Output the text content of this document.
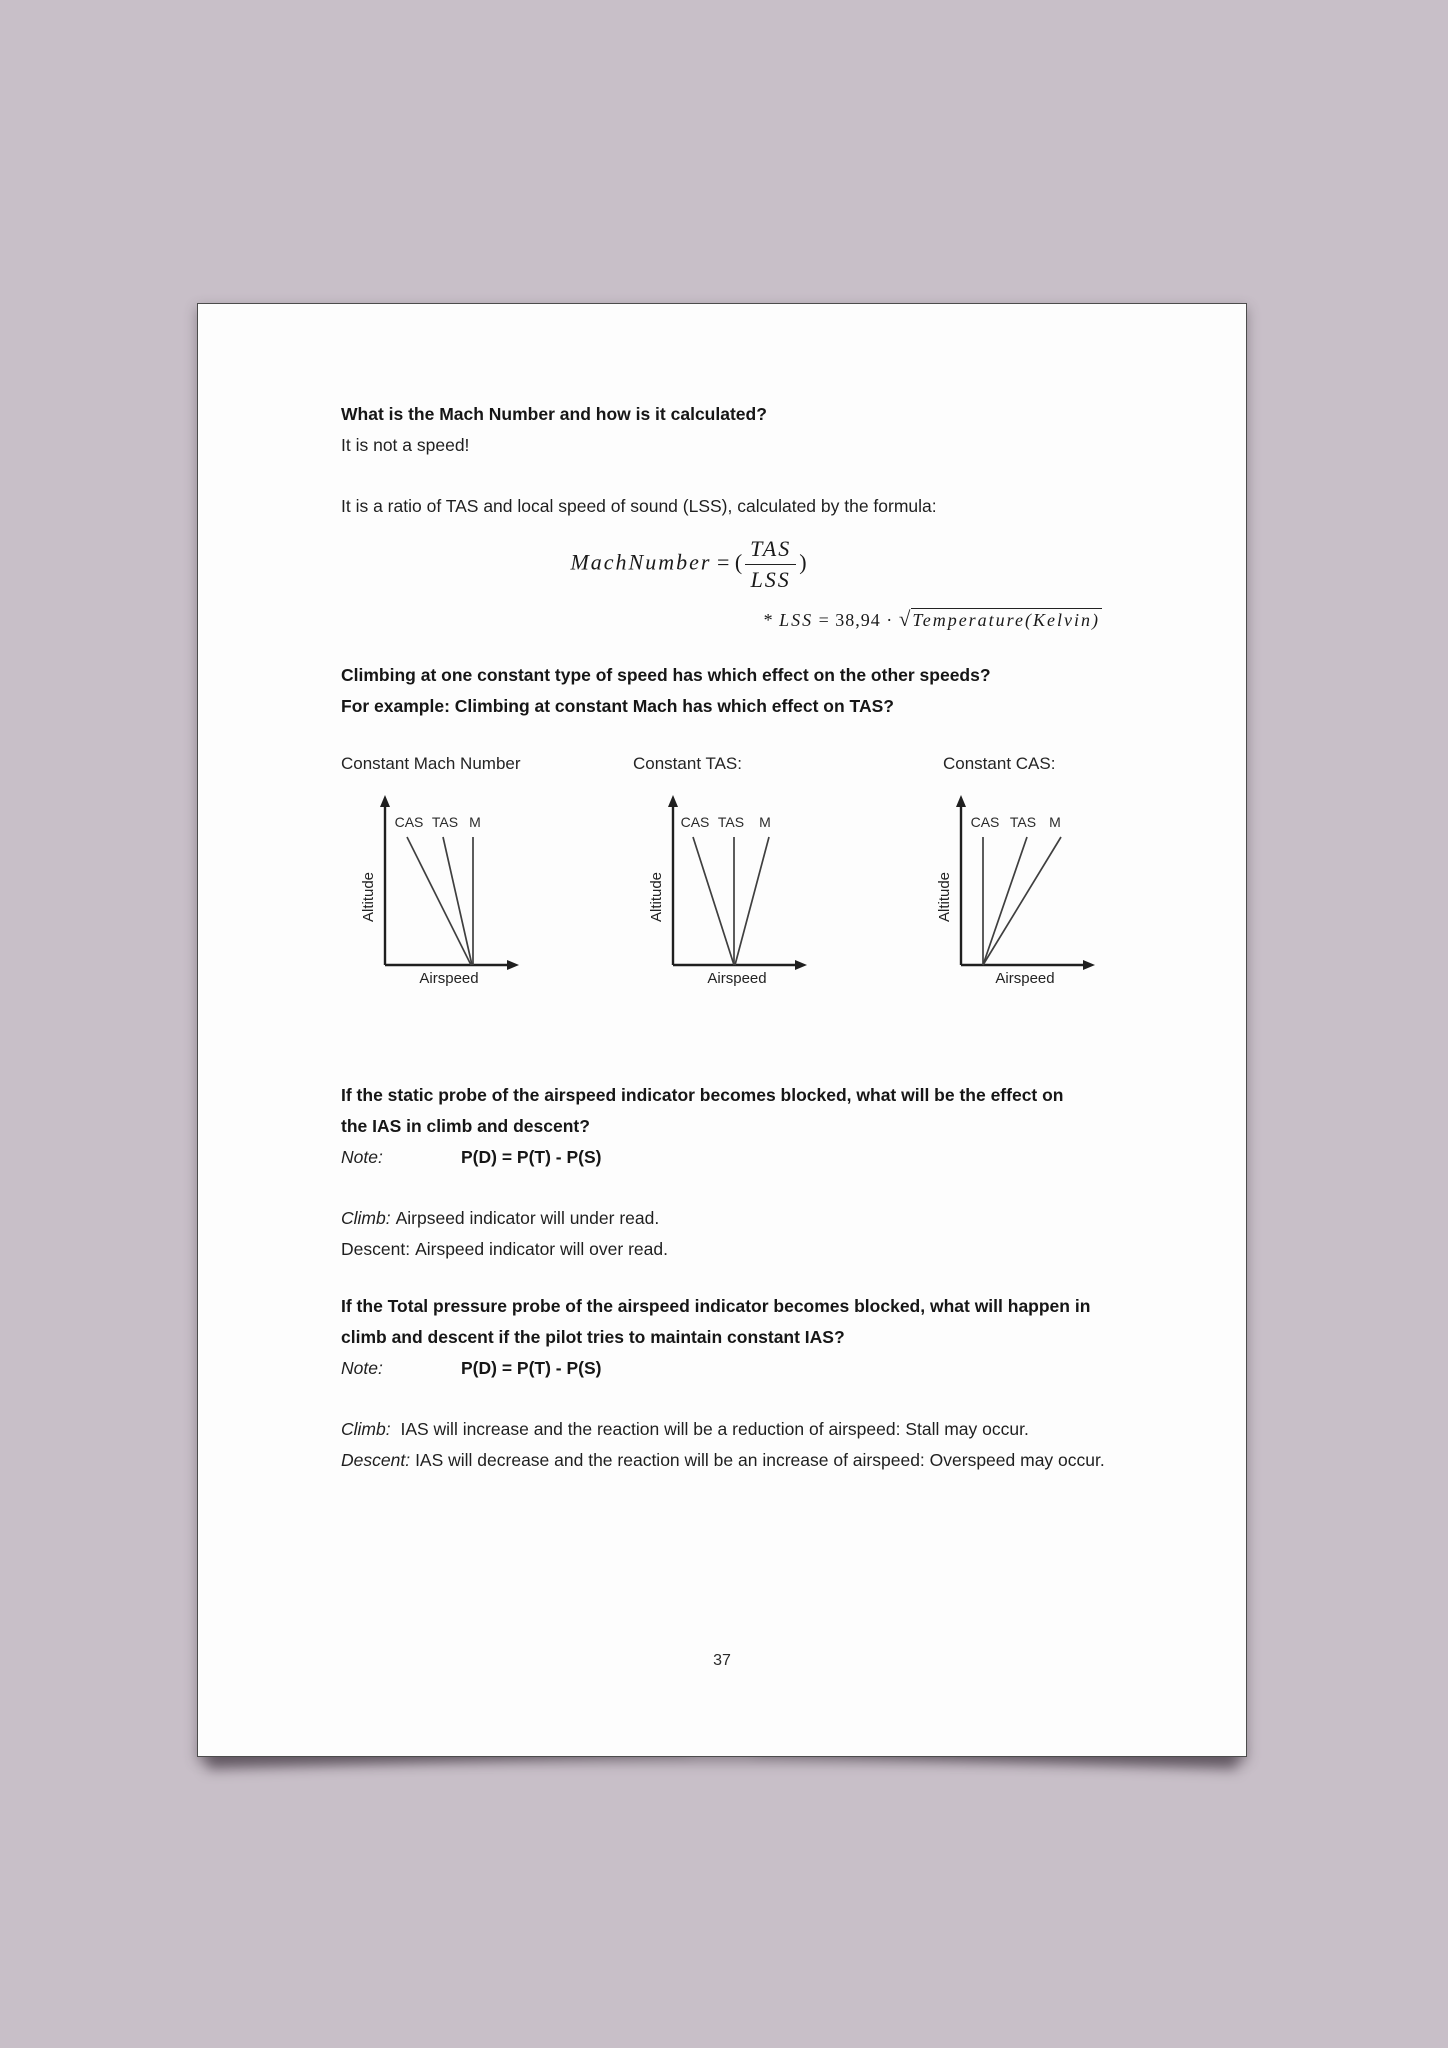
What is the Mach Number and how is it calculated?
It is not a speed!
It is a ratio of TAS and local speed of sound (LSS), calculated by the formula:
MachNumber = ( $\frac{\text{TAS}}{\text{LSS}}$ )
* LSS = 38,94 · √Temperature(Kelvin)
Climbing at one constant type of speed has which effect on the other speeds?
For example: Climbing at constant Mach has which effect on TAS?
Constant Mach Number
Altitude
Airspeed
CAS TAS M
Constant TAS:
Altitude
Airspeed
CAS TAS M
Constant CAS:
Altitude
Airspeed
CAS TAS M
If the static probe of the airspeed indicator becomes blocked, what will be the effect on
the IAS in climb and descent?
Note:	P(D) = P(T) - P(S)
Climb: Airpseed indicator will under read.
Descent: Airspeed indicator will over read.
If the Total pressure probe of the airspeed indicator becomes blocked, what will happen in
climb and descent if the pilot tries to maintain constant IAS?
Note:	P(D) = P(T) - P(S)
Climb: IAS will increase and the reaction will be a reduction of airspeed: Stall may occur.
Descent: IAS will decrease and the reaction will be an increase of airspeed: Overspeed may occur.
37
